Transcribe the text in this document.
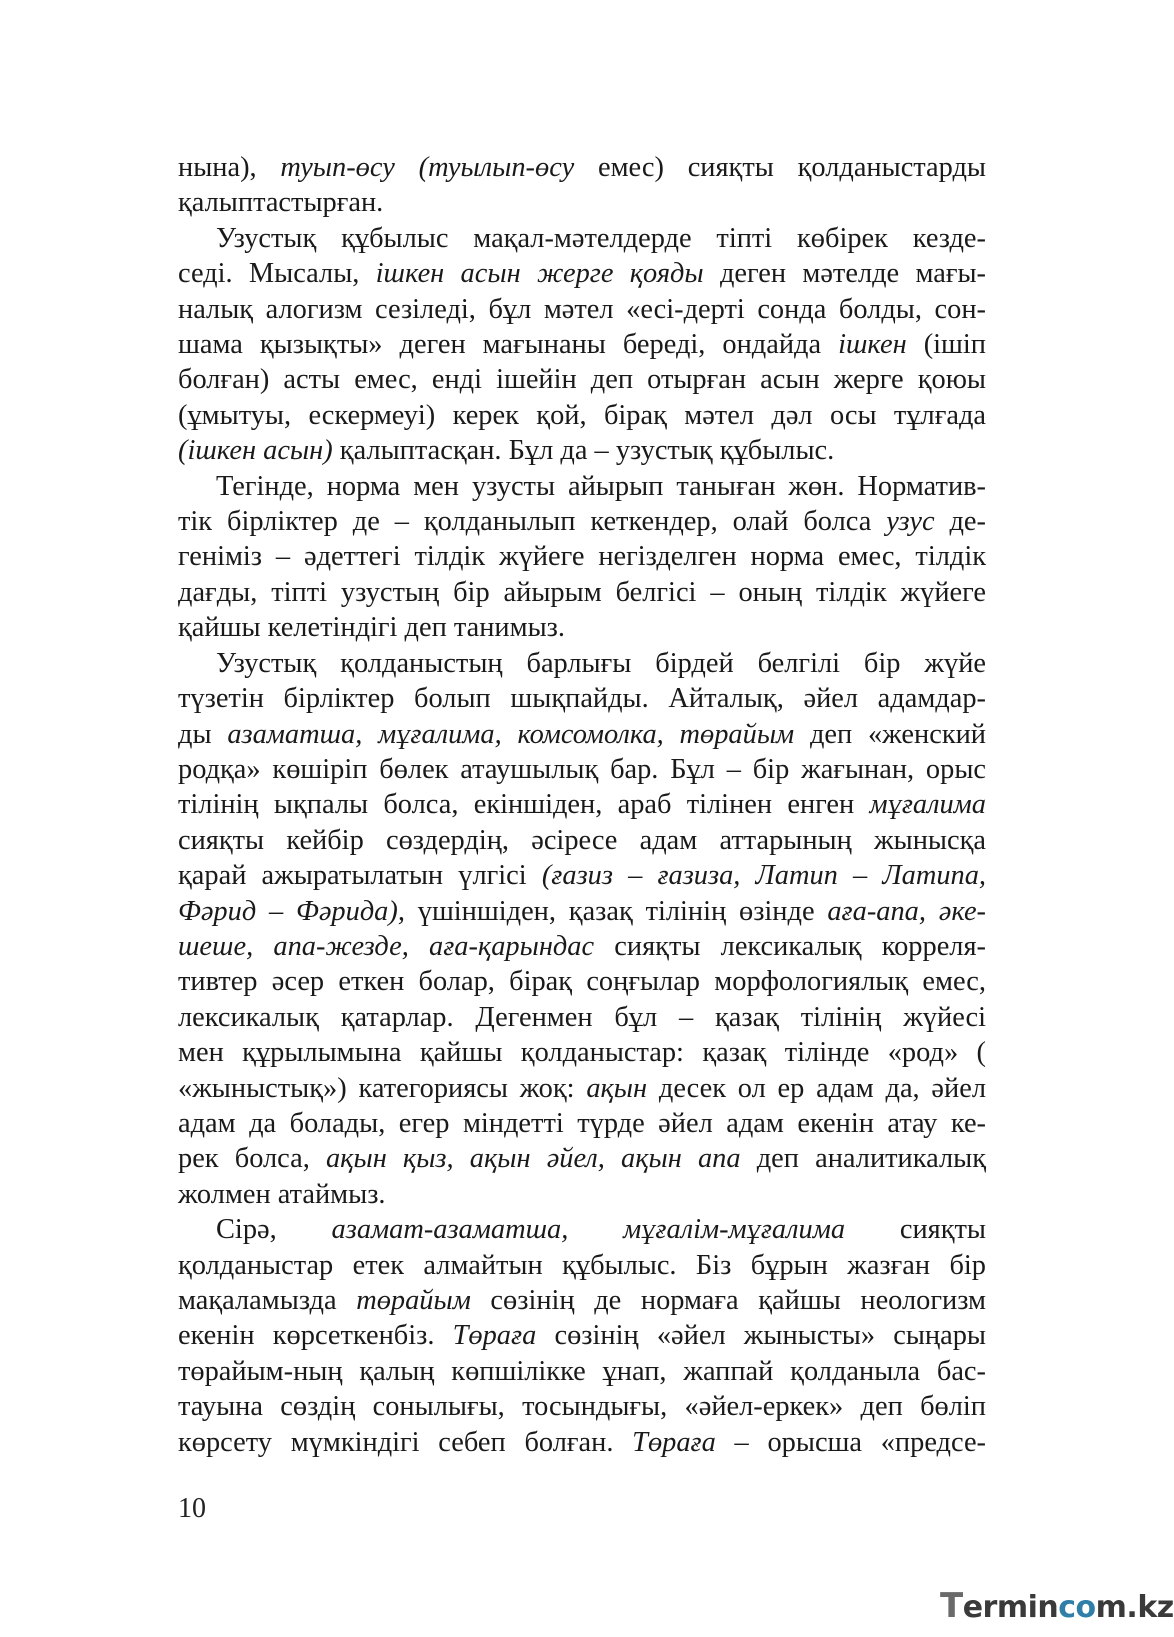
нына), туып-өсу (туылып-өсу емес) сияқты қолданыстарды
қалыптастырған.
Узустық құбылыс мақал-мәтелдерде тіпті көбірек кезде-
седі. Мысалы, ішкен асын жерге қояды деген мәтелде мағы-
налық алогизм сезіледі, бұл мәтел «есі-дерті сонда болды, сон-
шама қызықты» деген мағынаны береді, ондайда ішкен (ішіп
болған) асты емес, енді ішейін деп отырған асын жерге қоюы
(ұмытуы, ескермеуі) керек қой, бірақ мәтел дәл осы тұлғада
(ішкен асын) қалыптасқан. Бұл да – узустық құбылыс.
Тегінде, норма мен узусты айырып таныған жөн. Норматив-
тік бірліктер де – қолданылып кеткендер, олай болса узус де-
геніміз – әдеттегі тілдік жүйеге негізделген норма емес, тілдік
дағды, тіпті узустың бір айырым белгісі – оның тілдік жүйеге
қайшы келетіндігі деп танимыз.
Узустық қолданыстың барлығы бірдей белгілі бір жүйе
түзетін бірліктер болып шықпайды. Айталық, әйел адамдар-
ды азаматша, мұғалима, комсомолка, төрайым деп «женский
родқа» көшіріп бөлек атаушылық бар. Бұл – бір жағынан, орыс
тілінің ықпалы болса, екіншіден, араб тілінен енген мұғалима
сияқты кейбір сөздердің, әсіресе адам аттарының жынысқа
қарай ажыратылатын үлгісі (ғазиз – ғазиза, Латип – Латипа,
Фәрид – Фәрида), үшіншіден, қазақ тілінің өзінде аға-апа, әке-
шеше, апа-жезде, аға-қарындас сияқты лексикалық корреля-
тивтер әсер еткен болар, бірақ соңғылар морфологиялық емес,
лексикалық қатарлар. Дегенмен бұл – қазақ тілінің жүйесі
мен құрылымына қайшы қолданыстар: қазақ тілінде «род» (
«жыныстық») категориясы жоқ: ақын десек ол ер адам да, әйел
адам да болады, егер міндетті түрде әйел адам екенін атау ке-
рек болса, ақын қыз, ақын әйел, ақын апа деп аналитикалық
жолмен атаймыз.
Сірә, азамат-азаматша, мұғалім-мұғалима сияқты
қолданыстар етек алмайтын құбылыс. Біз бұрын жазған бір
мақаламызда төрайым сөзінің де нормаға қайшы неологизм
екенін көрсеткенбіз. Төраға сөзінің «әйел жынысты» сыңары
төрайым-ның қалың көпшілікке ұнап, жаппай қолданыла бас-
тауына сөздің сонылығы, тосындығы, «әйел-еркек» деп бөліп
көрсету мүмкіндігі себеп болған. Төраға – орысша «предсе-
10
Termincom.kz
